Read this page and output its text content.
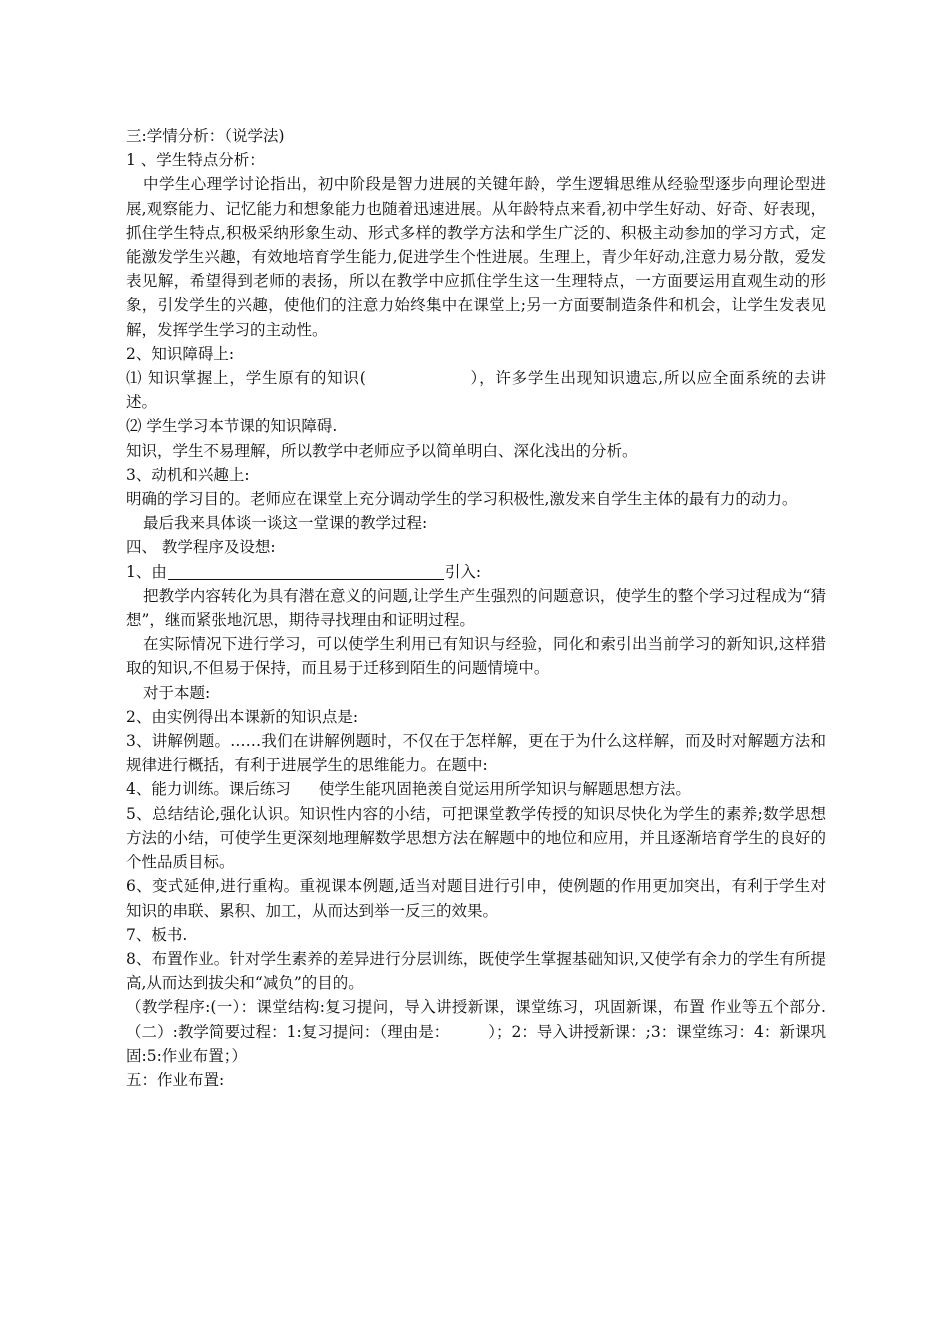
三:学情分析：（说学法)

1 、学生特点分析：

中学生心理学讨论指出，初中阶段是智力进展的关键年龄，学生逻辑思维从经验型逐步向理论型进展,观察能力、记忆能力和想象能力也随着迅速进展。从年龄特点来看,初中学生好动、好奇、好表现，抓住学生特点,积极采纳形象生动、形式多样的教学方法和学生广泛的、积极主动参加的学习方式，定能激发学生兴趣，有效地培育学生能力,促进学生个性进展。生理上，青少年好动,注意力易分散，爱发表见解，希望得到老师的表扬，所以在教学中应抓住学生这一生理特点，一方面要运用直观生动的形象，引发学生的兴趣，使他们的注意力始终集中在课堂上;另一方面要制造条件和机会，让学生发表见解，发挥学生学习的主动性。

2、知识障碍上:

⑴ 知识掌握上，学生原有的知识(	），许多学生出现知识遗忘,所以应全面系统的去讲述。

⑵ 学生学习本节课的知识障碍.

知识，学生不易理解，所以教学中老师应予以简单明白、深化浅出的分析。

3、动机和兴趣上:

明确的学习目的。老师应在课堂上充分调动学生的学习积极性,激发来自学生主体的最有力的动力。

最后我来具体谈一谈这一堂课的教学过程:

四、 教学程序及设想:

1、由	引入:

把教学内容转化为具有潜在意义的问题,让学生产生强烈的问题意识，使学生的整个学习过程成为“猜想”，继而紧张地沉思，期待寻找理由和证明过程。

在实际情况下进行学习，可以使学生利用已有知识与经验，同化和索引出当前学习的新知识,这样猎取的知识,不但易于保持，而且易于迁移到陌生的问题情境中。

对于本题:

2、由实例得出本课新的知识点是:

3、讲解例题。……我们在讲解例题时，不仅在于怎样解，更在于为什么这样解，而及时对解题方法和规律进行概括，有利于进展学生的思维能力。在题中:

4、能力训练。课后练习 使学生能巩固艳羡自觉运用所学知识与解题思想方法。

5、总结结论,强化认识。知识性内容的小结，可把课堂教学传授的知识尽快化为学生的素养;数学思想方法的小结，可使学生更深刻地理解数学思想方法在解题中的地位和应用，并且逐渐培育学生的良好的个性品质目标。

6、变式延伸,进行重构。重视课本例题,适当对题目进行引申，使例题的作用更加突出，有利于学生对知识的串联、累积、加工，从而达到举一反三的效果。

7、板书.

8、布置作业。针对学生素养的差异进行分层训练，既使学生掌握基础知识,又使学有余力的学生有所提高,从而达到拔尖和“减负”的目的。

（教学程序:(一）：课堂结构:复习提问，导入讲授新课，课堂练习，巩固新课，布置 作业等五个部分.（二）:教学简要过程：1:复习提问：（理由是：　　　）；2：导入讲授新课：;3：课堂练习：4：新课巩固:5:作业布置；）

五：作业布置:
